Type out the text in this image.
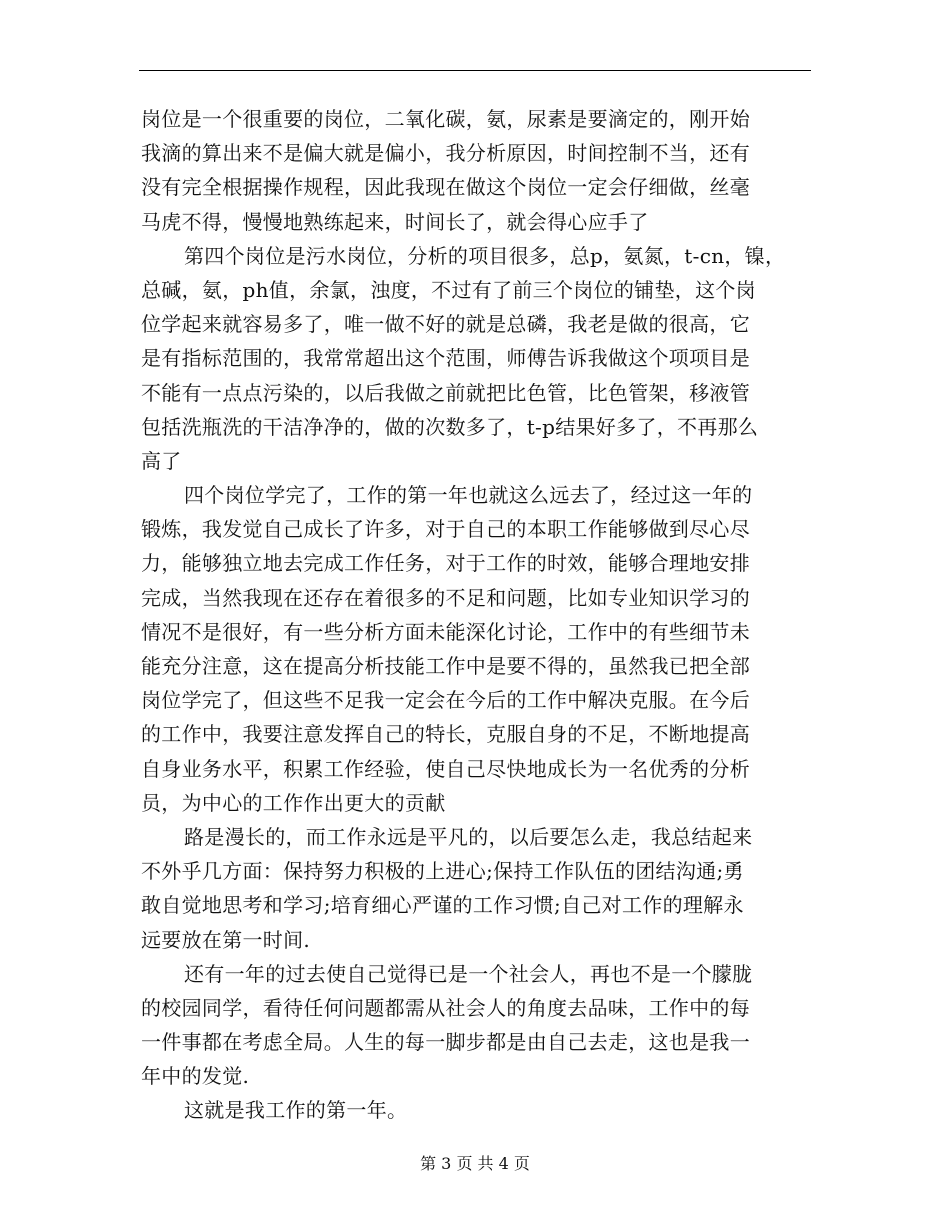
岗位是一个很重要的岗位，二氧化碳，氨，尿素是要滴定的，刚开始
我滴的算出来不是偏大就是偏小，我分析原因，时间控制不当，还有
没有完全根据操作规程，因此我现在做这个岗位一定会仔细做，丝毫
马虎不得，慢慢地熟练起来，时间长了，就会得心应手了
第四个岗位是污水岗位，分析的项目很多，总p，氨氮，t-cn，镍，
总碱，氨，ph值，余氯，浊度，不过有了前三个岗位的铺垫，这个岗
位学起来就容易多了，唯一做不好的就是总磷，我老是做的很高，它
是有指标范围的，我常常超出这个范围，师傅告诉我做这个项项目是
不能有一点点污染的，以后我做之前就把比色管，比色管架，移液管
包括洗瓶洗的干洁净净的，做的次数多了，t-p结果好多了，不再那么
高了
四个岗位学完了，工作的第一年也就这么远去了，经过这一年的
锻炼，我发觉自己成长了许多，对于自己的本职工作能够做到尽心尽
力，能够独立地去完成工作任务，对于工作的时效，能够合理地安排
完成，当然我现在还存在着很多的不足和问题，比如专业知识学习的
情况不是很好，有一些分析方面未能深化讨论，工作中的有些细节未
能充分注意，这在提高分析技能工作中是要不得的，虽然我已把全部
岗位学完了，但这些不足我一定会在今后的工作中解决克服。在今后
的工作中，我要注意发挥自己的特长，克服自身的不足，不断地提高
自身业务水平，积累工作经验，使自己尽快地成长为一名优秀的分析
员，为中心的工作作出更大的贡献
路是漫长的，而工作永远是平凡的，以后要怎么走，我总结起来
不外乎几方面：保持努力积极的上进心;保持工作队伍的团结沟通;勇
敢自觉地思考和学习;培育细心严谨的工作习惯;自己对工作的理解永
远要放在第一时间.
还有一年的过去使自己觉得已是一个社会人，再也不是一个朦胧
的校园同学，看待任何问题都需从社会人的角度去品味，工作中的每
一件事都在考虑全局。人生的每一脚步都是由自己去走，这也是我一
年中的发觉.
这就是我工作的第一年。
第 3 页 共 4 页
